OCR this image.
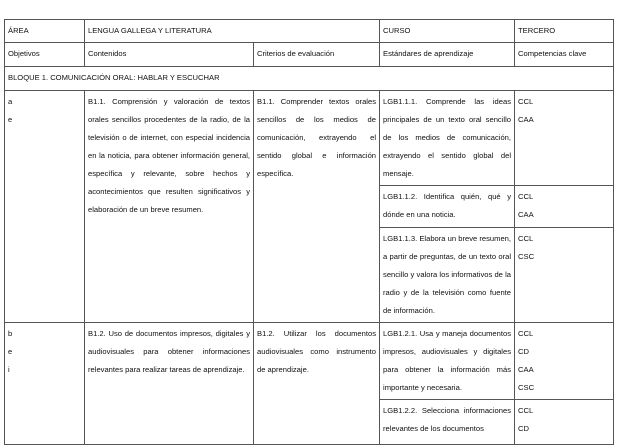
ÁREA	LENGUA GALLEGA Y LITERATURA		CURSO	TERCERO
Objetivos	Contenidos	Criterios de evaluación	Estándares de aprendizaje	Competencias clave
BLOQUE 1. COMUNICACIÓN ORAL: HABLAR Y ESCUCHAR				

a
e	B1.1. Comprensión y valoración de textos orales sencillos procedentes de la radio, de la televisión o de internet, con especial incidencia en la noticia, para obtener información general, específica y relevante, sobre hechos y acontecimientos que resulten significativos y elaboración de un breve resumen.	B1.1. Comprender textos orales sencillos de los medios de comunicación, extrayendo el sentido global e información específica.	LGB1.1.1. Comprende las ideas principales de un texto oral sencillo de los medios de comunicación, extrayendo el sentido global del mensaje.	CCL
CAA

			LGB1.1.2. Identifica quién, qué y dónde en una noticia.	CCL
CAA

			LGB1.1.3. Elabora un breve resumen, a partir de preguntas, de un texto oral sencillo y valora los informativos de la radio y de la televisión como fuente de información.	CCL
CSC

b
e
i	B1.2. Uso de documentos impresos, digitales y audiovisuales para obtener informaciones relevantes para realizar tareas de aprendizaje.	B1.2. Utilizar los documentos audiovisuales como instrumento de aprendizaje.	LGB1.2.1. Usa y maneja documentos impresos, audiovisuales y digitales para obtener la información más importante y necesaria.	CCL
CD
CAA
CSC

			LGB1.2.2. Selecciona informaciones relevantes de los documentos	CCL
CD
